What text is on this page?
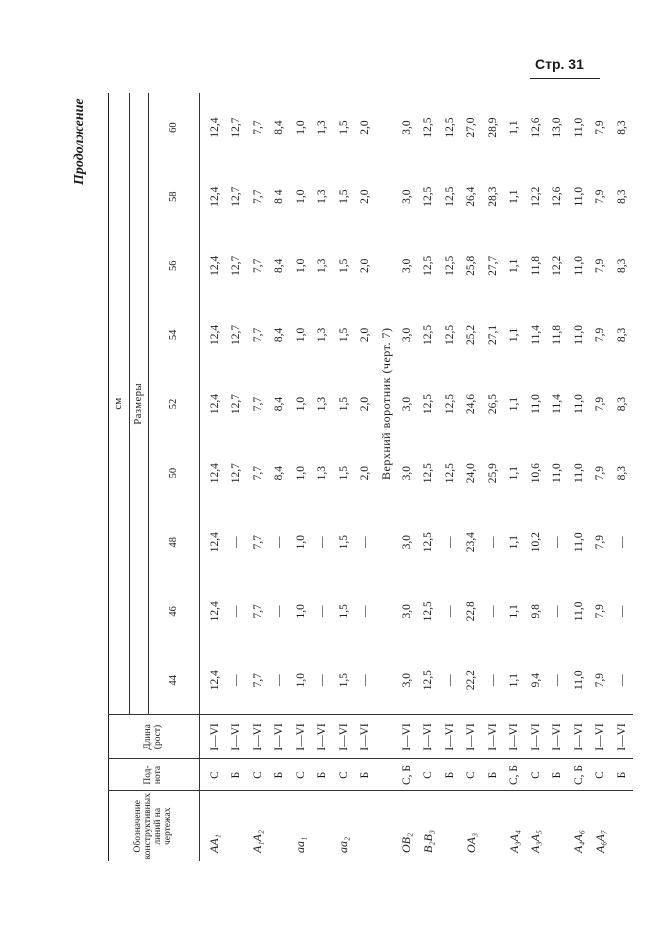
Стр. 31
Продолжение
Обозначение конструктивных линий на чертежах	Под-нота	Длина (рост)	см								
			Размеры								
			44	46	48	50	52	54	56	58	60

AA₁	С	I—VI	12,4	12,4	12,4	12,4	12,4	12,4	12,4	12,4	12,4
	Б	I—VI	—	—	—	12,7	12,7	12,7	12,7	12,7	12,7
A₁A₂	С	I—VI	7,7	7,7	7,7	7,7	7,7	7,7	7,7	7,7	7,7
	Б	I—VI	—	—	—	8,4	8,4	8,4	8,4	8 4	8,4
aa₁	С	I—VI	1,0	1,0	1,0	1,0	1,0	1,0	1,0	1,0	1,0
	Б	I—VI	—	—	—	1,3	1,3	1,3	1,3	1,3	1,3
aa₂	С	I—VI	1,5	1,5	1,5	1,5	1,5	1,5	1,5	1,5	1,5
	Б	I—VI	—	—	—	2,0	2,0	2,0	2,0	2,0	2,0
			Верхний воротник (черт. 7)								
OB₂	С, Б	I—VI	3,0	3,0	3,0	3,0	3,0	3,0	3,0	3,0	3,0
B₂B₃	С	I—VI	12,5	12,5	12,5	12,5	12,5	12,5	12,5	12,5	12,5
	Б	I—VI	—	—	—	12,5	12,5	12,5	12,5	12,5	12,5
OA₃	С	I—VI	22,2	22,8	23,4	24,0	24,6	25,2	25,8	26,4	27,0
	Б	I—VI	—	—	—	25,9	26,5	27,1	27,7	28,3	28,9
A₃A₄	С, Б	I—VI	1,1	1,1	1,1	1,1	1,1	1,1	1,1	1,1	1,1
A₃A₅	С	I—VI	9,4	9,8	10,2	10,6	11,0	11,4	11,8	12,2	12,6
	Б	I—VI	—	—	—	11,0	11,4	11,8	12,2	12,6	13,0
A₄A₆	С, Б	I—VI	11,0	11,0	11,0	11,0	11,0	11,0	11,0	11,0	11,0
A₆A₇	С	I—VI	7,9	7,9	7,9	7,9	7,9	7,9	7,9	7,9	7,9
	Б	I—VI	—	—	—	8,3	8,3	8,3	8,3	8,3	8,3
